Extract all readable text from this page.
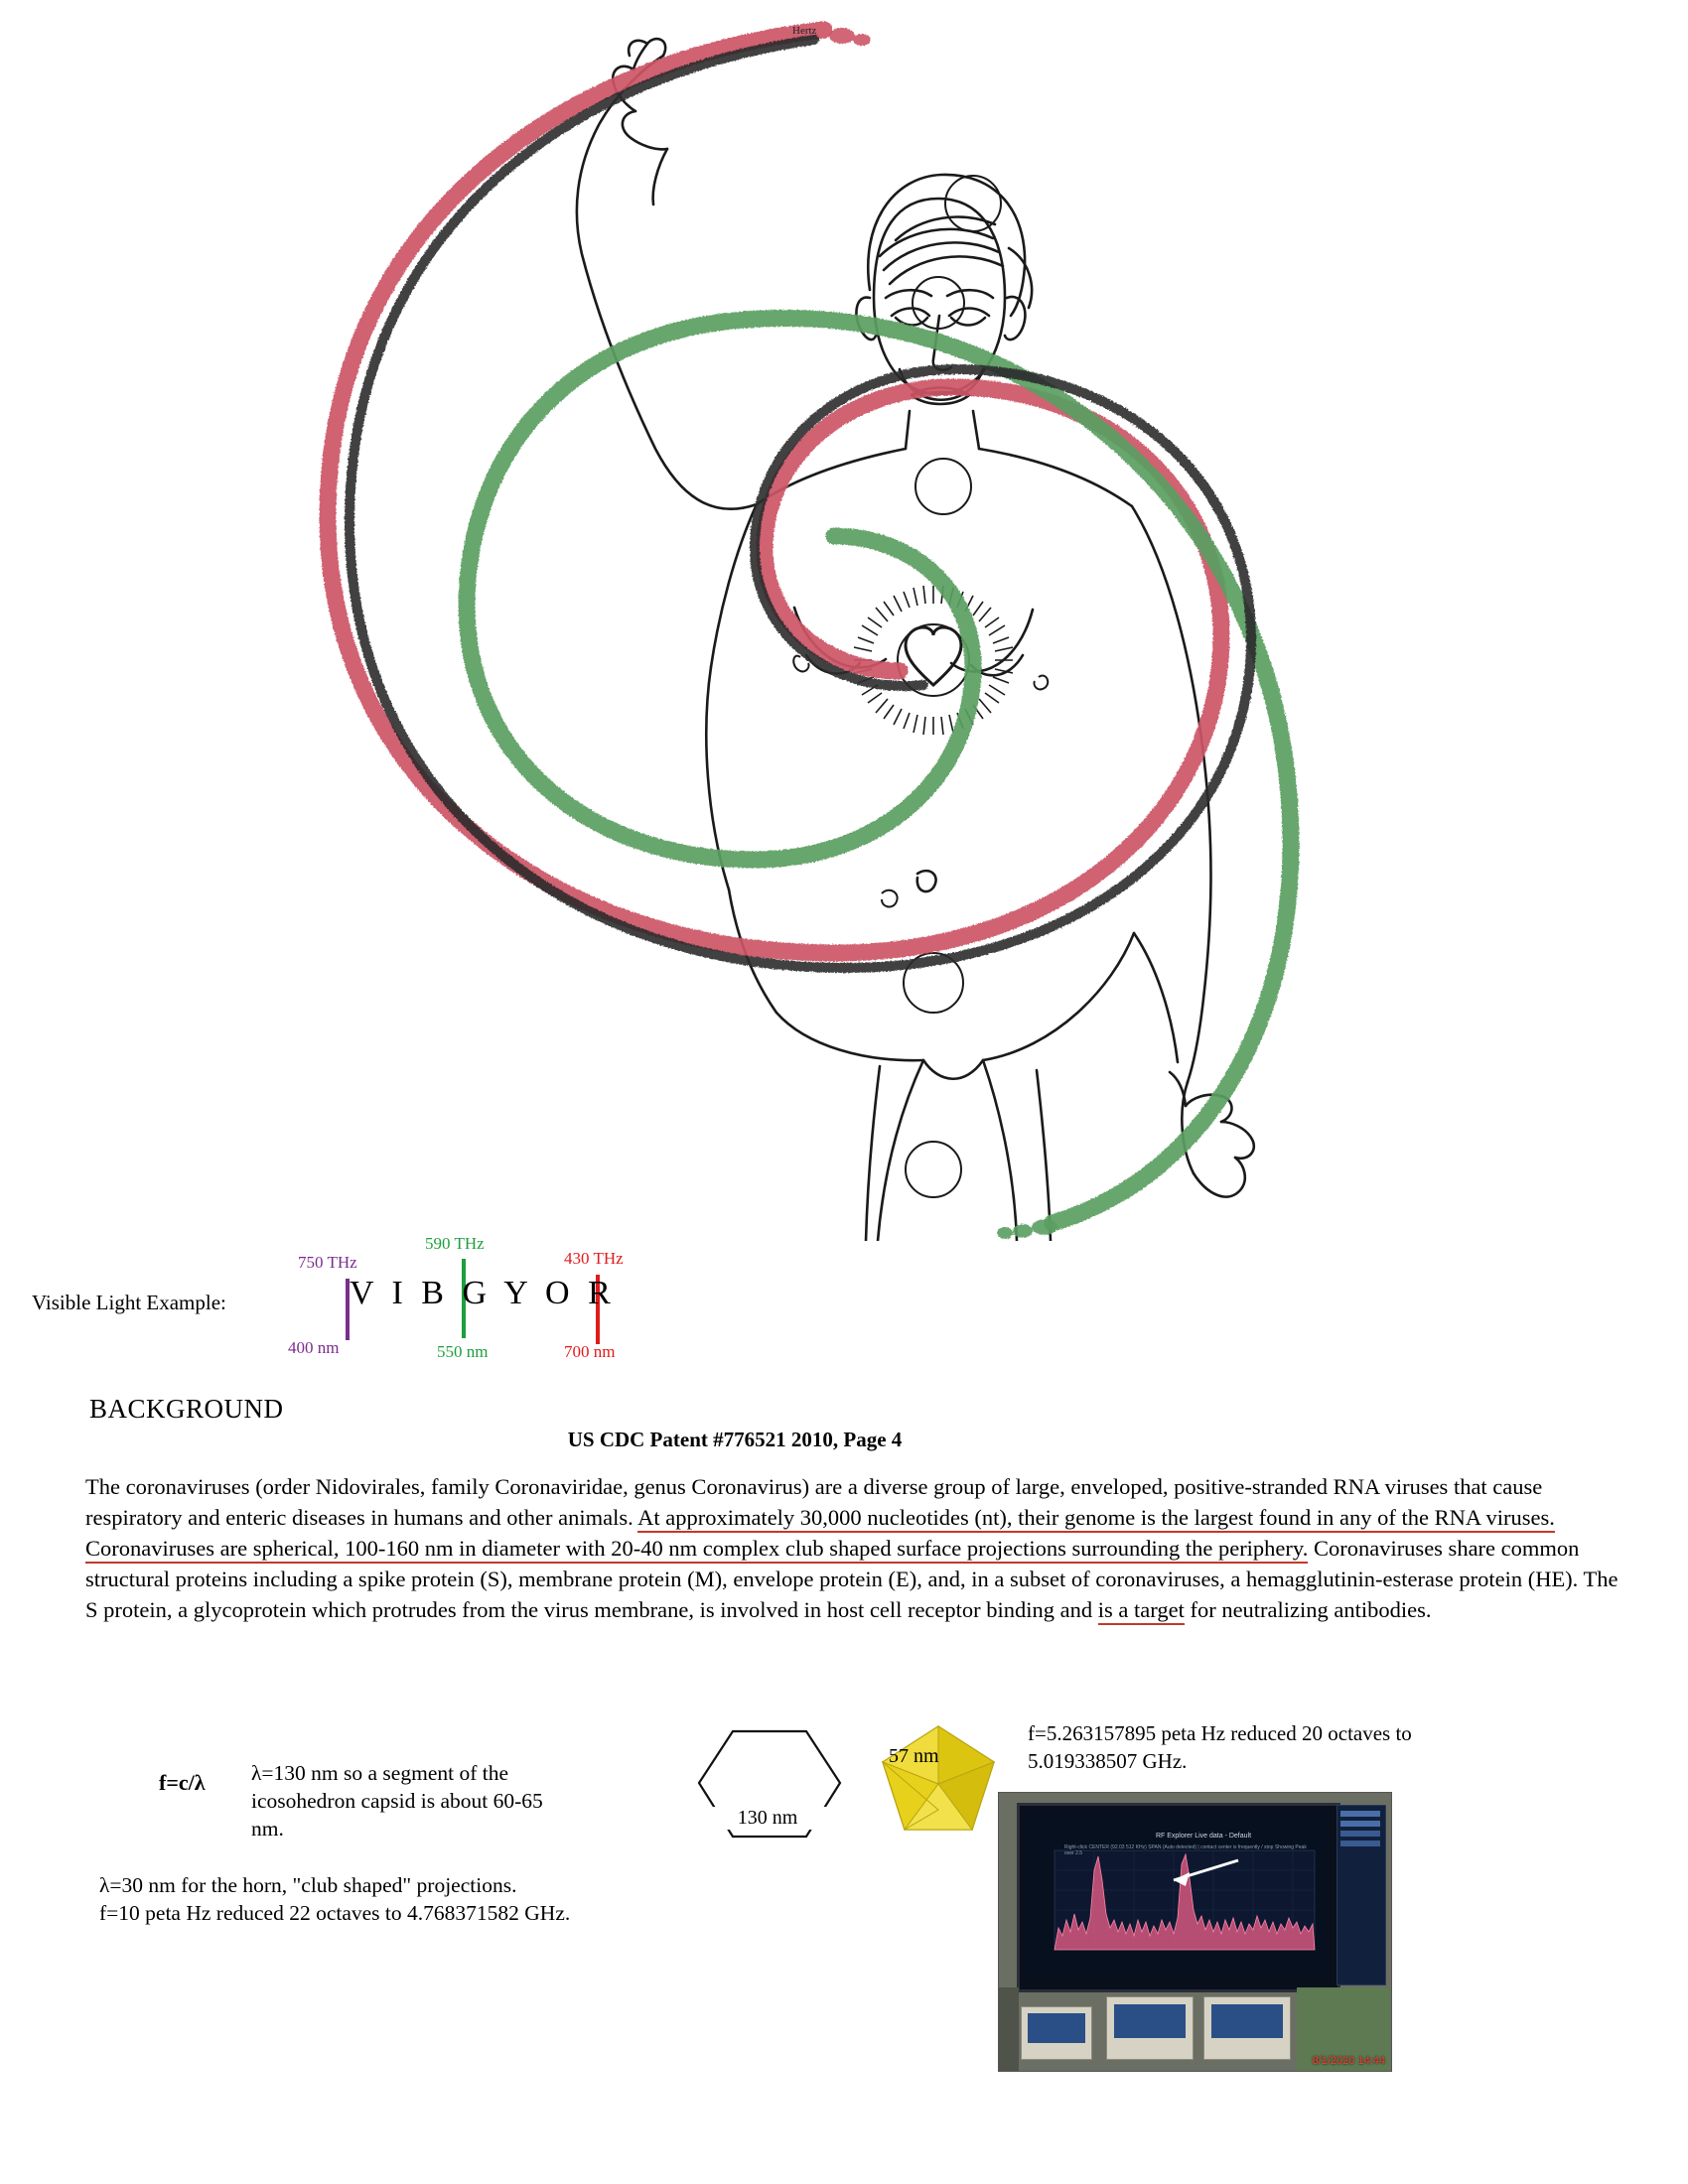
Hertz
Visible Light Example:
750 THz
400 nm
590 THz
550 nm
430 THz
700 nm
V I B G Y O R
BACKGROUND
US CDC Patent #776521 2010, Page 4
The coronaviruses (order Nidovirales, family Coronaviridae, genus Coronavirus) are a diverse group of large, enveloped, positive-stranded RNA viruses that cause respiratory and enteric diseases in humans and other animals. At approximately 30,000 nucleotides (nt), their genome is the largest found in any of the RNA viruses. Coronaviruses are spherical, 100-160 nm in diameter with 20-40 nm complex club shaped surface projections surrounding the periphery. Coronaviruses share common structural proteins including a spike protein (S), membrane protein (M), envelope protein (E), and, in a subset of coronaviruses, a hemagglutinin-esterase protein (HE). The S protein, a glycoprotein which protrudes from the virus membrane, is involved in host cell receptor binding and is a target for neutralizing antibodies.
f=c/λ λ=130 nm so a segment of the icosohedron capsid is about 60-65 nm.
λ=30 nm for the horn, "club shaped" projections.
f=10 peta Hz reduced 22 octaves to 4.768371582 GHz.
130 nm
57 nm
f=5.263157895 peta Hz reduced 20 octaves to 5.019338507 GHz.
RF Explorer Live data - Default
Right-click CENTER (92.03 512 KHz) SPAN (Auto detected) | contact center is frequently / stop Showing Peak over 2.5
8/1/2020 14:44
